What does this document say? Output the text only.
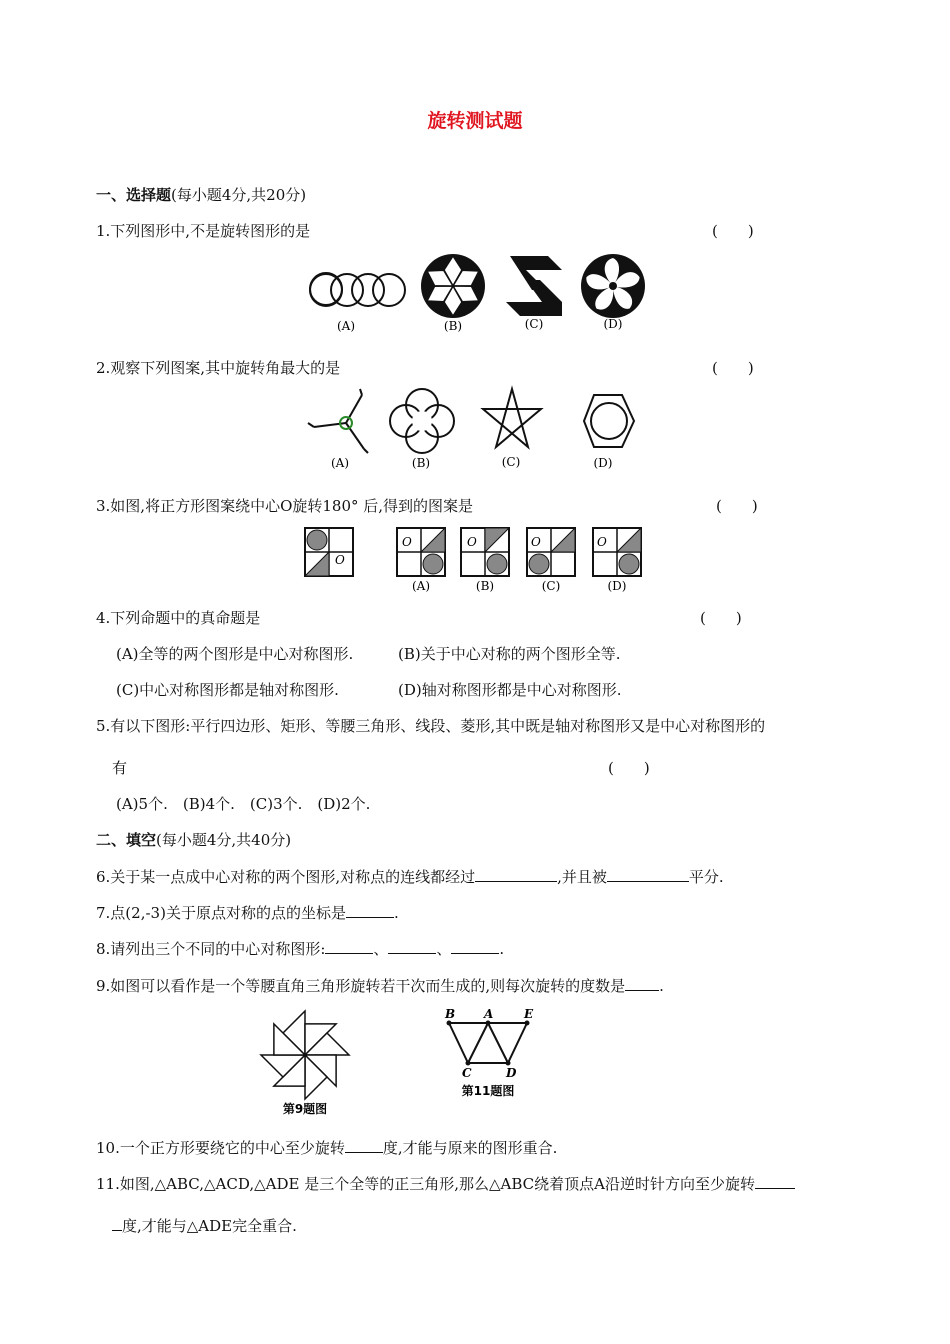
旋转测试题
一、选择题(每小题4分,共20分)
1.下列图形中,不是旋转图形的是	(　　)
(A)	(B)	(C)	(D)
2.观察下列图案,其中旋转角最大的是	(　　)
(A)	(B)	(C)	(D)
3.如图,将正方形图案绕中心O旋转180° 后,得到的图案是	(　　)
O
O	O	O	O
(A)	(B)	(C)	(D)
4.下列命题中的真命题是	(　　)
(A)全等的两个图形是中心对称图形.	(B)关于中心对称的两个图形全等.
(C)中心对称图形都是轴对称图形.	(D)轴对称图形都是中心对称图形.
5.有以下图形:平行四边形、矩形、等腰三角形、线段、菱形,其中既是轴对称图形又是中心对称图形的
有	(　　)
(A)5个.　(B)4个.　(C)3个.　(D)2个.
二、填空(每小题4分,共40分)
6.关于某一点成中心对称的两个图形,对称点的连线都经过	,并且被	平分.
7.点(2,-3)关于原点对称的点的坐标是	.
8.请列出三个不同的中心对称图形:	、	、	.
9.如图可以看作是一个等腰直角三角形旋转若干次而生成的,则每次旋转的度数是 .
第9题图
B A	E
C	D
第11题图
10.一个正方形要绕它的中心至少旋转	度,才能与原来的图形重合.
11.如图,△ABC,△ACD,△ADE 是三个全等的正三角形,那么△ABC绕着顶点A沿逆时针方向至少旋转
度,才能与△ADE完全重合.
